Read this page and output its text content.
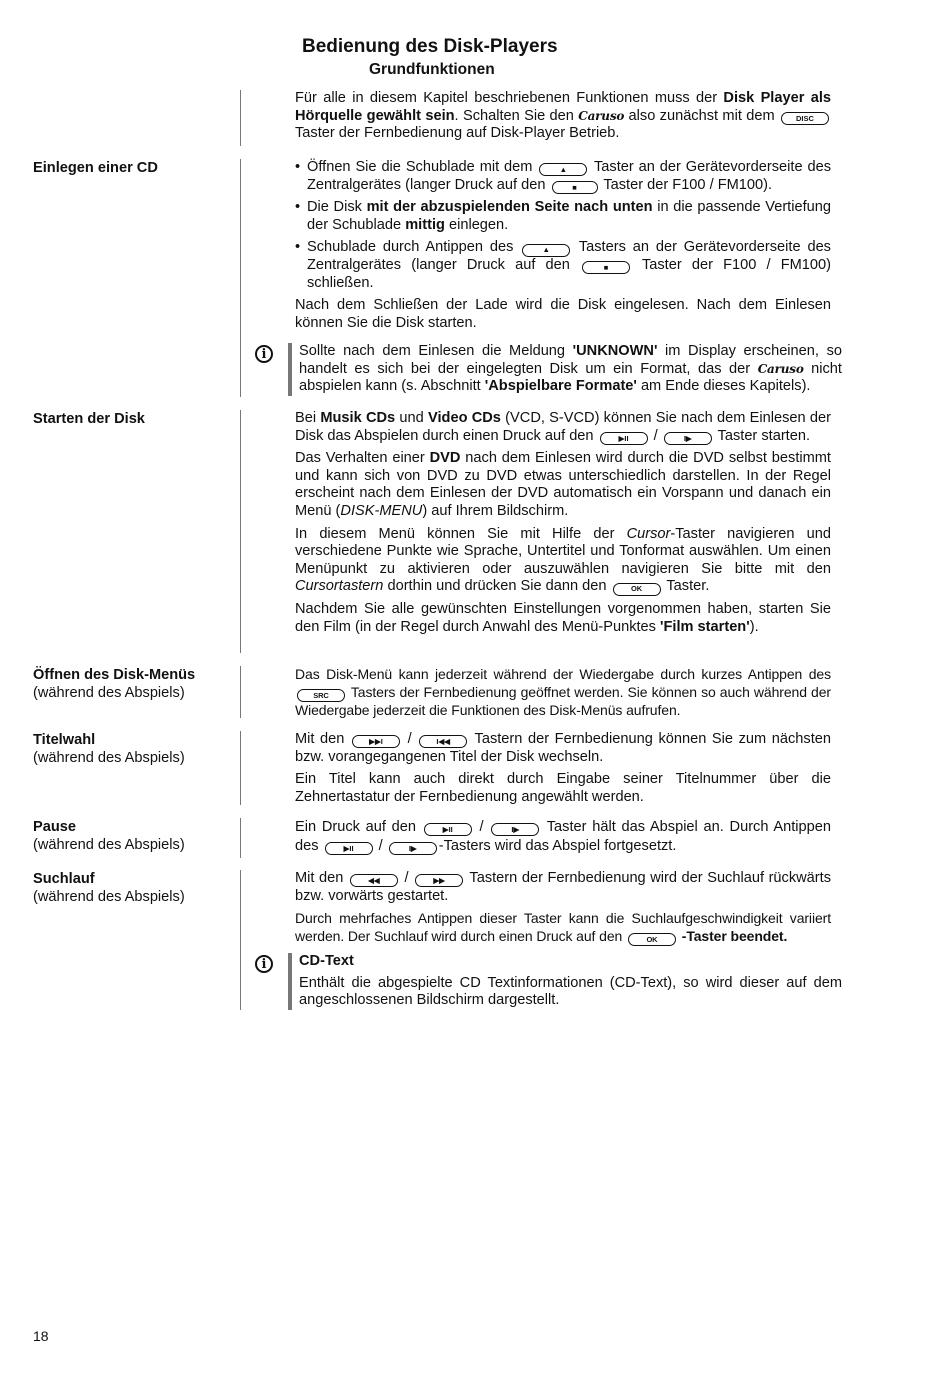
Bedienung des Disk-Players
Grundfunktionen

Für alle in diesem Kapitel beschriebenen Funktionen muss der Disk Player als Hörquelle gewählt sein. Schalten Sie den Caruso also zunächst mit dem DISC Taster der Fernbedienung auf Disk-Player Betrieb.

Einlegen einer CD
•	Öffnen Sie die Schublade mit dem	▲ Taster an der Gerätevorderseite des Zentralgerätes (langer Druck auf den	■ Taster der F100 / FM100).
• Die Disk mit der abzuspielenden Seite nach unten in die passende Vertiefung der Schublade mittig einlegen.
• Schublade durch Antippen des	▲ Tasters an der Gerätevorderseite des Zentralgerätes (langer Druck auf den	■ Taster der F100 / FM100) schließen.

Nach dem Schließen der Lade wird die Disk eingelesen. Nach dem Einlesen können Sie die Disk starten.

i	Sollte nach dem Einlesen die Meldung 'UNKNOWN' im Display erscheinen, so handelt es sich bei der eingelegten Disk um ein Format, das der Caruso nicht abspielen kann (s. Abschnitt 'Abspielbare Formate' am Ende dieses Kapitels).

Starten der Disk	Bei Musik CDs und Video CDs (VCD, S-VCD) können Sie nach dem Einlesen der Disk das Abspielen durch einen Druck auf den	▶II /	I▶ Taster starten.

Das Verhalten einer DVD nach dem Einlesen wird durch die DVD selbst bestimmt und kann sich von DVD zu DVD etwas unterschiedlich darstellen. In der Regel erscheint nach dem Einlesen der DVD automatisch ein Vorspann und danach ein Menü (DISK-MENU) auf Ihrem Bildschirm.

In diesem Menü können Sie mit Hilfe der Cursor-Taster navigieren und verschiedene Punkte wie Sprache, Untertitel und Tonformat auswählen. Um einen Menüpunkt zu aktivieren oder auszuwählen navigieren Sie bitte mit den Cursortastern dorthin und drücken Sie dann den	OK Taster.

Nachdem Sie alle gewünschten Einstellungen vorgenommen haben, starten Sie den Film (in der Regel durch Anwahl des Menü-Punktes 'Film starten').

Öffnen des Disk-Menüs
(während des Abspiels)

Das Disk-Menü kann jederzeit während der Wiedergabe durch kurzes Antippen des SRC Tasters der Fernbedienung geöffnet werden. Sie können so auch während der Wiedergabe jederzeit die Funktionen des Disk-Menüs aufrufen.

Titelwahl
(während des Abspiels)

Mit den	▶▶I /	I◀◀ Tastern der Fernbedienung können Sie zum nächsten bzw. vorangegangenen Titel der Disk wechseln.

Ein Titel kann auch direkt durch Eingabe seiner Titelnummer über die Zehnertastatur der Fernbedienung angewählt werden.

Pause
(während des Abspiels)

Ein Druck auf den	▶II /	I▶ Taster hält das Abspiel an. Durch Antippen des	▶II /	I▶ -Tasters wird das Abspiel fortgesetzt.

Suchlauf
(während des Abspiels)

Mit den	◀◀ /	▶▶ Tastern der Fernbedienung wird der Suchlauf rückwärts bzw. vorwärts gestartet.

Durch mehrfaches Antippen dieser Taster kann die Suchlaufgeschwindigkeit variiert werden. Der Suchlauf wird durch einen Druck auf den	OK -Taster beendet.

i	CD-Text

Enthält die abgespielte CD Textinformationen (CD-Text), so wird dieser auf dem angeschlossenen Bildschirm dargestellt.

18
